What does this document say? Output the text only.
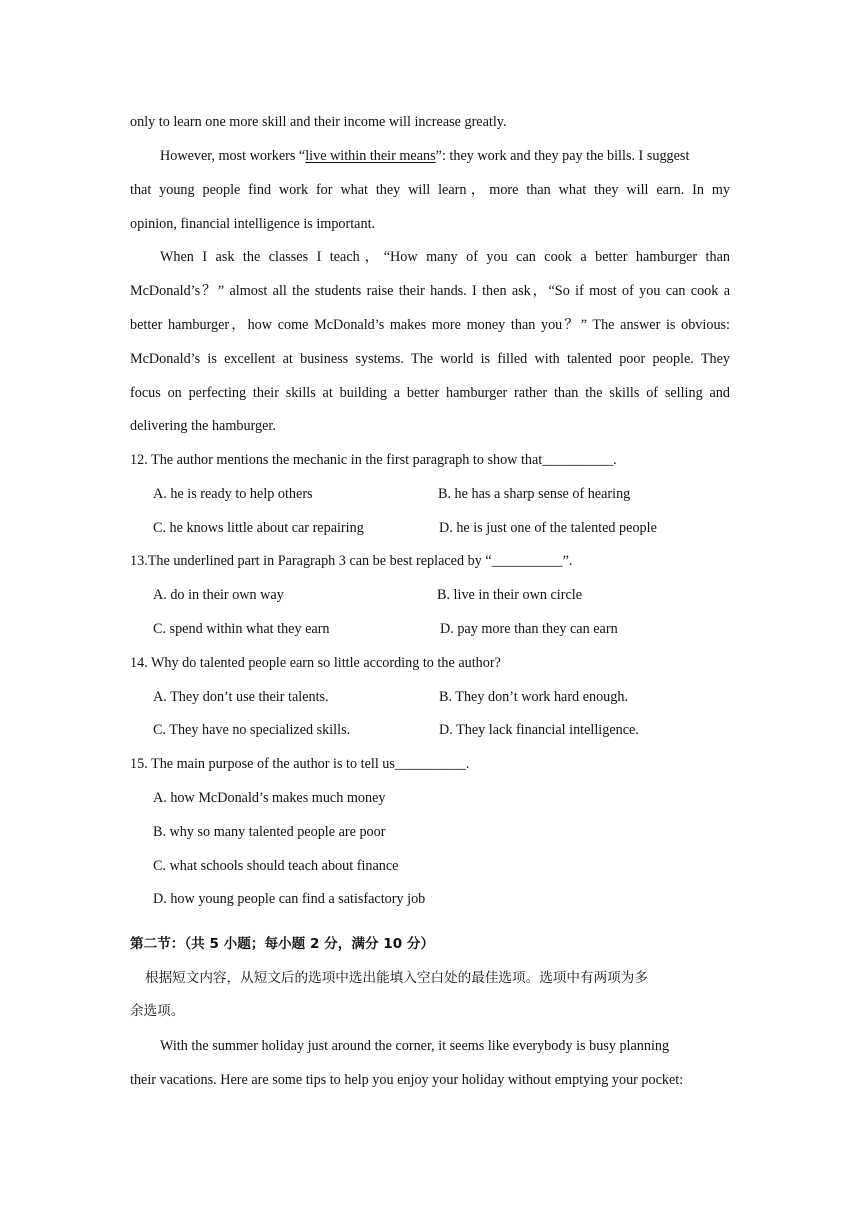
only to learn one more skill and their income will increase greatly.
However, most workers “live within their means”: they work and they pay the bills. I suggest
that young people find work for what they will learn，more than what they will earn. In my
opinion, financial intelligence is important.
When I ask the classes I teach，“How many of you can cook a better hamburger than
McDonald’s？” almost all the students raise their hands. I then ask，“So if most of you can cook a
better hamburger，how come McDonald’s makes more money than you？” The answer is obvious:
McDonald’s is excellent at business systems. The world is filled with talented poor people. They
focus on perfecting their skills at building a better hamburger rather than the skills of selling and
delivering the hamburger.
12. The author mentions the mechanic in the first paragraph to show that__________.
A. he is ready to help others	B. he has a sharp sense of hearing
C. he knows little about car repairing	D. he is just one of the talented people
13.The underlined part in Paragraph 3 can be best replaced by “__________”.
A. do in their own way	B. live in their own circle
C. spend within what they earn	D. pay more than they can earn
14. Why do talented people earn so little according to the author?
A. They don’t use their talents.	B. They don’t work hard enough.
C. They have no specialized skills.	D. They lack financial intelligence.
15. The main purpose of the author is to tell us__________.
A. how McDonald’s makes much money
B. why so many talented people are poor
C. what schools should teach about finance
D. how young people can find a satisfactory job
第二节：（共 5 小题；每小题 2 分，满分 10 分）
根据短文内容，从短文后的选项中选出能填入空白处的最佳选项。选项中有两项为多
余选项。
With the summer holiday just around the corner, it seems like everybody is busy planning
their vacations. Here are some tips to help you enjoy your holiday without emptying your pocket:
